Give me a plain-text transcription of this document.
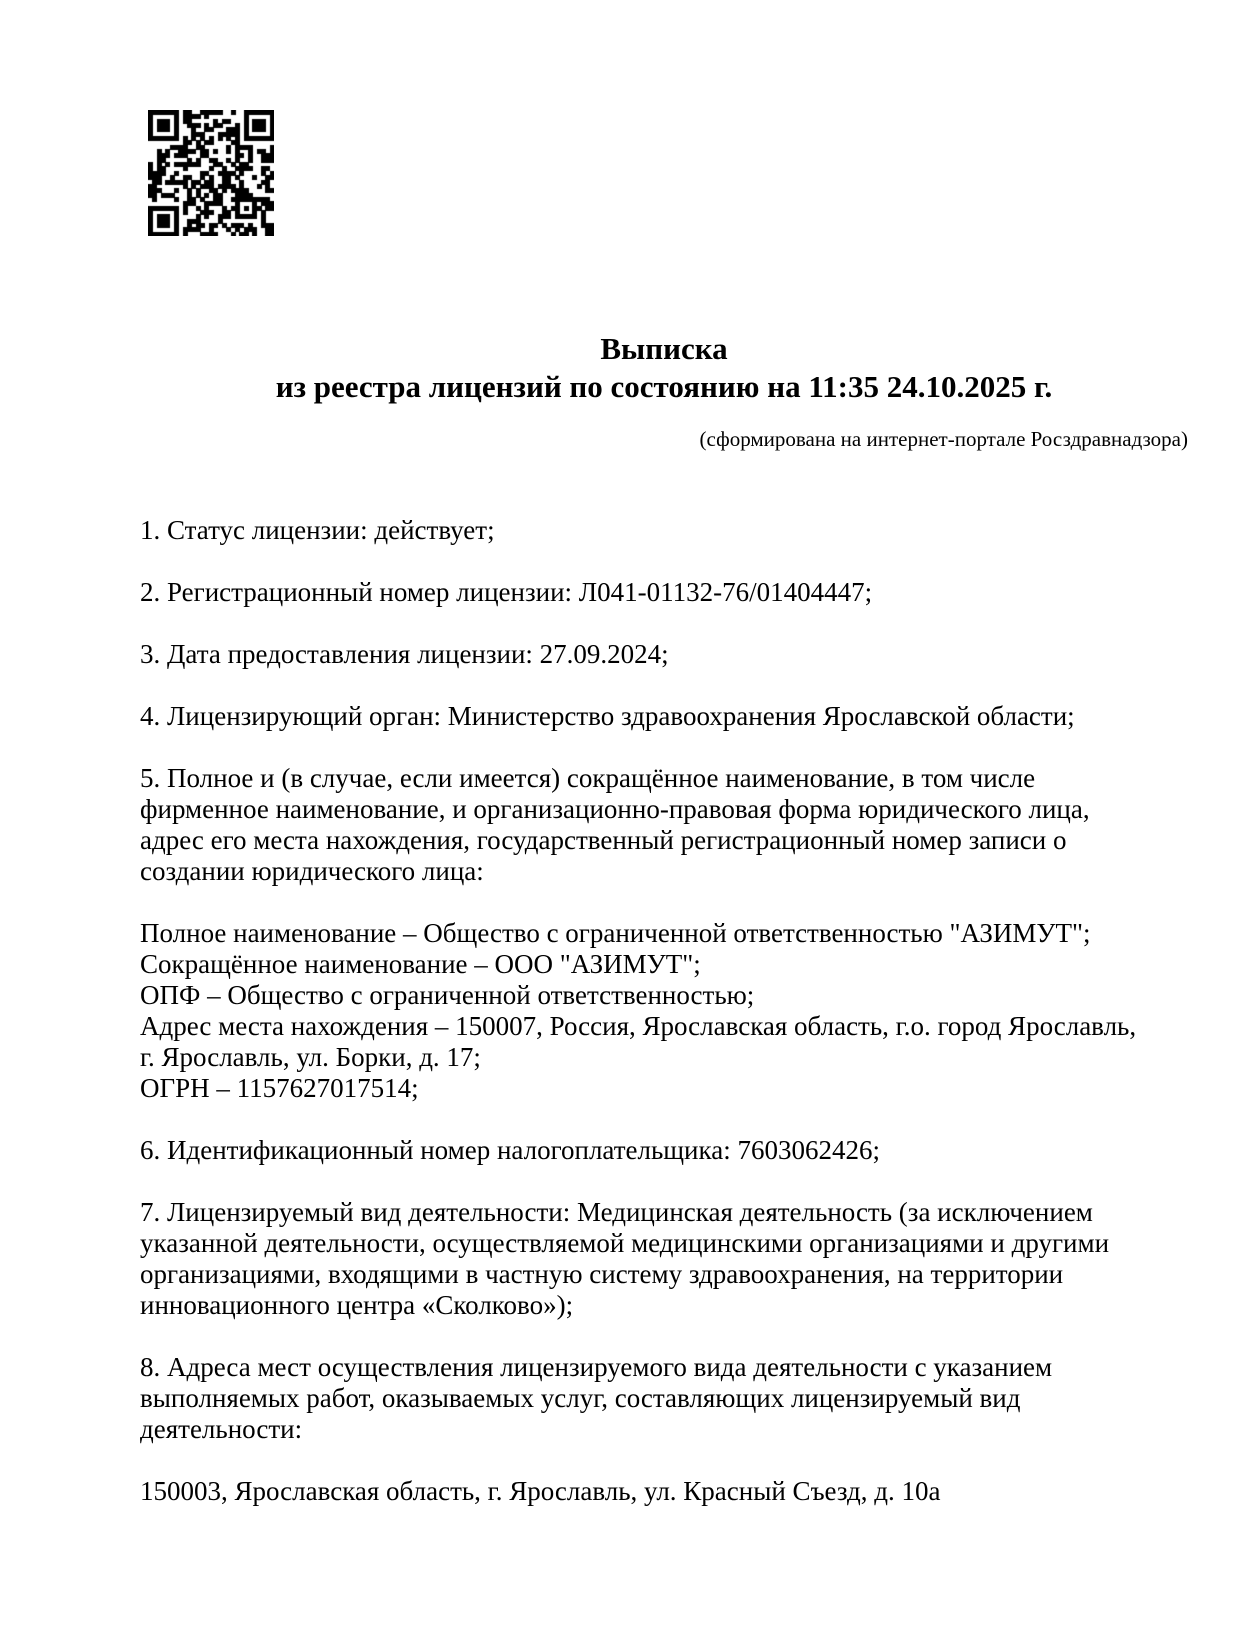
Выписка
из реестра лицензий по состоянию на 11:35 24.10.2025 г.
(сформирована на интернет-портале Росздравнадзора)

1. Статус лицензии: действует;

2. Регистрационный номер лицензии: Л041-01132-76/01404447;

3. Дата предоставления лицензии: 27.09.2024;

4. Лицензирующий орган: Министерство здравоохранения Ярославской области;

5. Полное и (в случае, если имеется) сокращённое наименование, в том числе фирменное наименование, и организационно-правовая форма юридического лица, адрес его места нахождения, государственный регистрационный номер записи о создании юридического лица:

Полное наименование – Общество с ограниченной ответственностью "АЗИМУТ";
Сокращённое наименование – ООО "АЗИМУТ";
ОПФ – Общество с ограниченной ответственностью;
Адрес места нахождения – 150007, Россия, Ярославская область, г.о. город Ярославль, г. Ярославль, ул. Борки, д. 17;
ОГРН – 1157627017514;

6. Идентификационный номер налогоплательщика: 7603062426;

7. Лицензируемый вид деятельности: Медицинская деятельность (за исключением указанной деятельности, осуществляемой медицинскими организациями и другими организациями, входящими в частную систему здравоохранения, на территории инновационного центра «Сколково»);

8. Адреса мест осуществления лицензируемого вида деятельности с указанием выполняемых работ, оказываемых услуг, составляющих лицензируемый вид деятельности:

150003, Ярославская область, г. Ярославль, ул. Красный Съезд, д. 10а
